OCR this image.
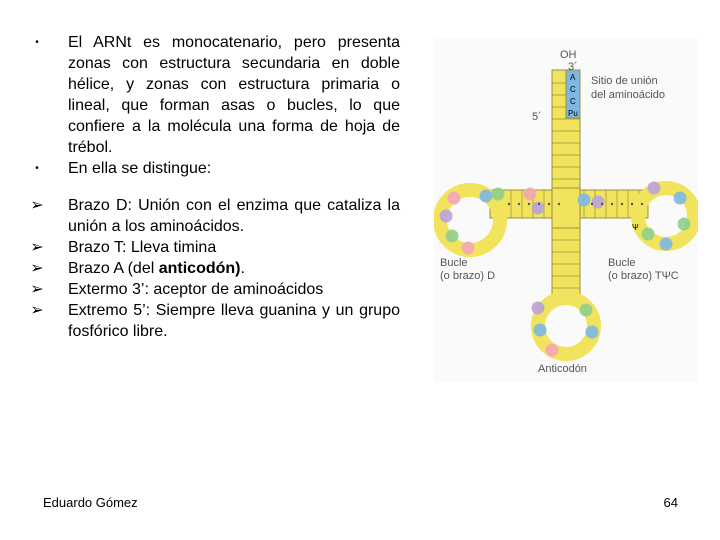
•	El ARNt es monocatenario, pero presenta zonas con estructura secundaria en doble hélice, y zonas con estructura primaria o lineal, que forman asas o bucles, lo que confiere a la molécula una forma de hoja de trébol.
•	En ella se distingue:
➢ Brazo D: Unión con el enzima que cataliza la unión a los aminoácidos.
➢ Brazo T: Lleva timina
➢ Brazo A (del anticodón).
➢ Extermo 3’: aceptor de aminoácidos
➢ Extremo 5’: Siempre lleva guanina y un grupo fosfórico libre.
OH
3´
5´
Sitio de unión
del aminoácido
Bucle
(o brazo) D
Bucle
(o brazo) TΨC
Anticodón
A
C
C
Pu
Ψ
Eduardo Gómez	64
